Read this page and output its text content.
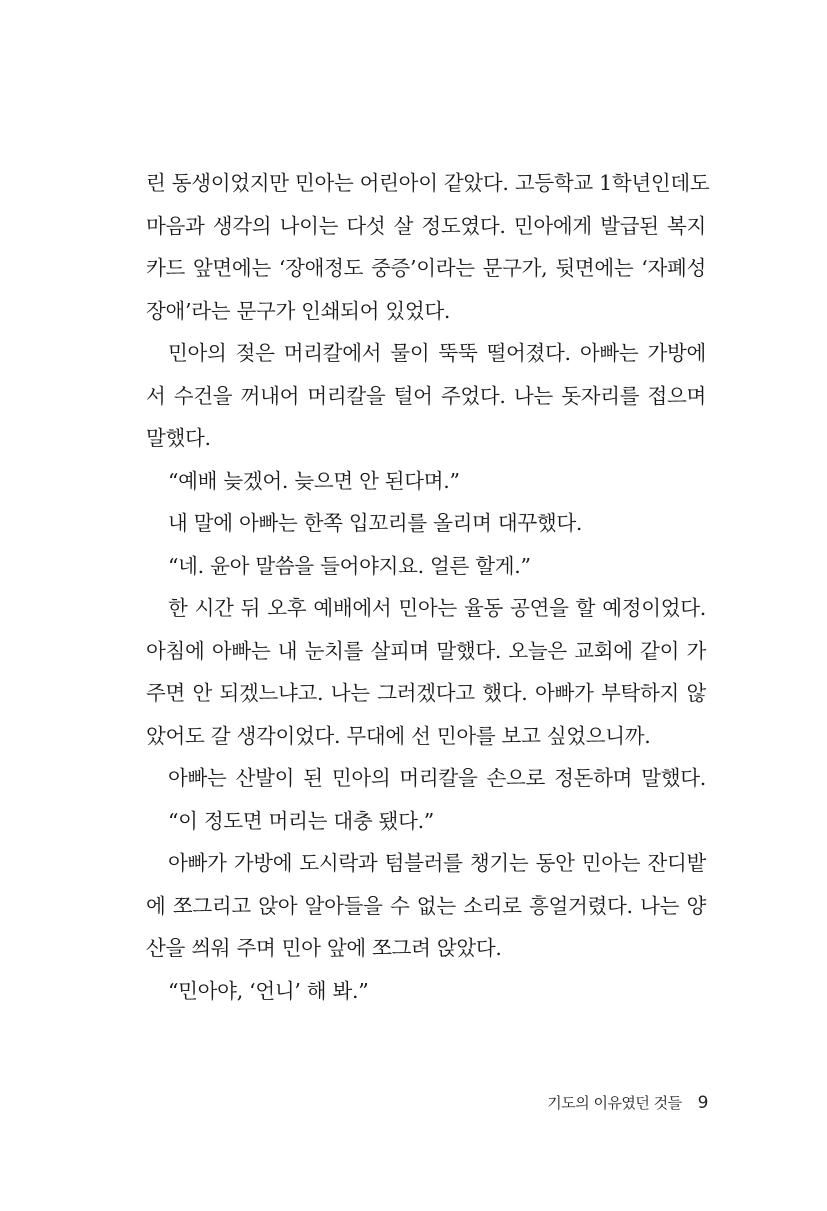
린 동생이었지만 민아는 어린아이 같았다. 고등학교 1학년인데도
마음과 생각의 나이는 다섯 살 정도였다. 민아에게 발급된 복지
카드 앞면에는 ‘장애정도 중증’이라는 문구가, 뒷면에는 ‘자폐성
장애’라는 문구가 인쇄되어 있었다.
민아의 젖은 머리칼에서 물이 뚝뚝 떨어졌다. 아빠는 가방에
서 수건을 꺼내어 머리칼을 털어 주었다. 나는 돗자리를 접으며
말했다.
“예배 늦겠어. 늦으면 안 된다며.”
내 말에 아빠는 한쪽 입꼬리를 올리며 대꾸했다.
“네. 윤아 말씀을 들어야지요. 얼른 할게.”
한 시간 뒤 오후 예배에서 민아는 율동 공연을 할 예정이었다.
아침에 아빠는 내 눈치를 살피며 말했다. 오늘은 교회에 같이 가
주면 안 되겠느냐고. 나는 그러겠다고 했다. 아빠가 부탁하지 않
았어도 갈 생각이었다. 무대에 선 민아를 보고 싶었으니까.
아빠는 산발이 된 민아의 머리칼을 손으로 정돈하며 말했다.
“이 정도면 머리는 대충 됐다.”
아빠가 가방에 도시락과 텀블러를 챙기는 동안 민아는 잔디밭
에 쪼그리고 앉아 알아들을 수 없는 소리로 흥얼거렸다. 나는 양
산을 씌워 주며 민아 앞에 쪼그려 앉았다.
“민아야, ‘언니’ 해 봐.”
기도의 이유였던 것들 9
